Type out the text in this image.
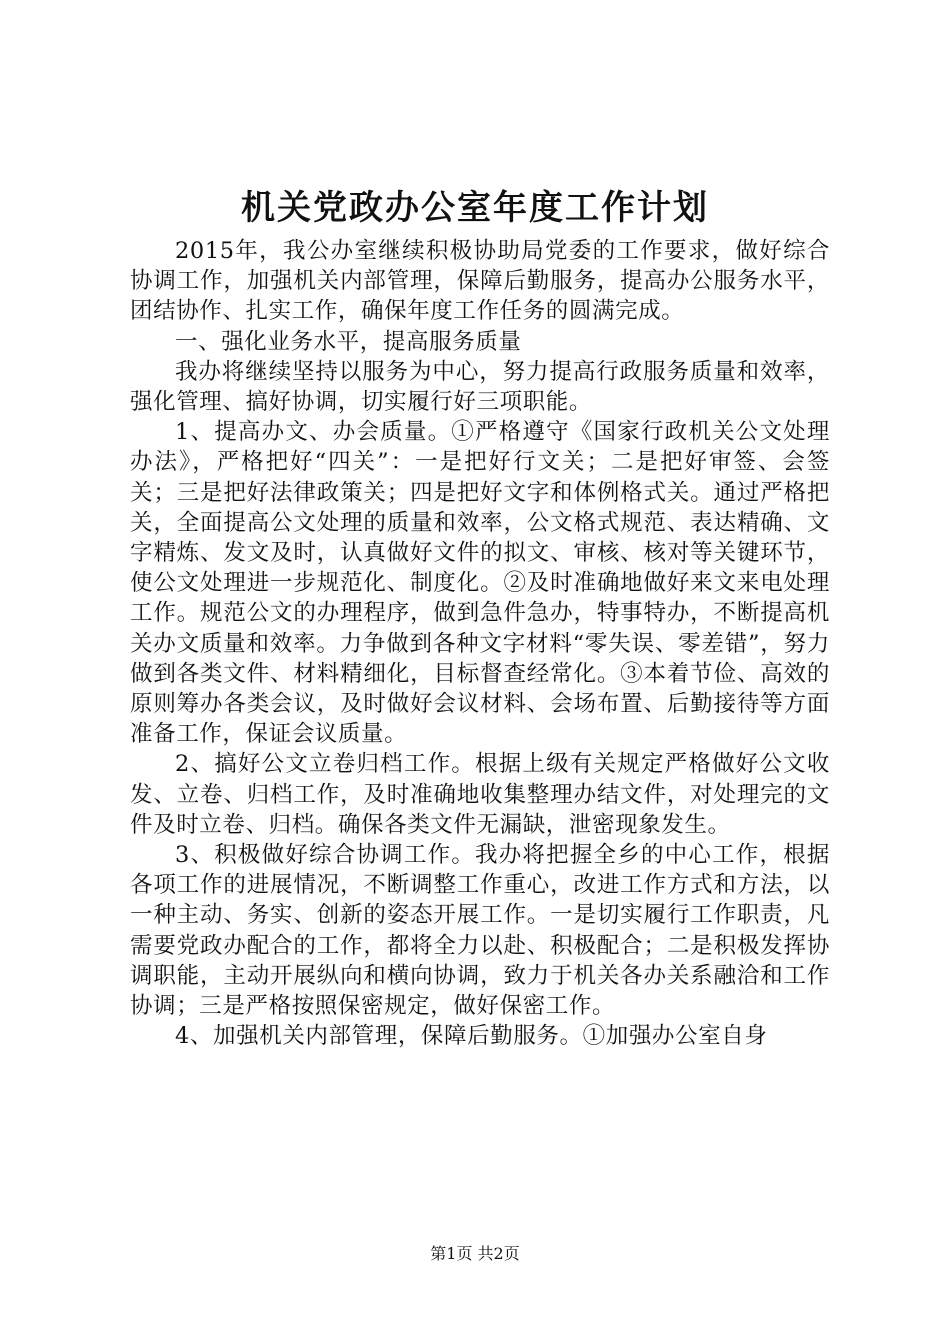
机关党政办公室年度工作计划

2015年，我公办室继续积极协助局党委的工作要求，做好综合协调工作，加强机关内部管理，保障后勤服务，提高办公服务水平，团结协作、扎实工作，确保年度工作任务的圆满完成。

一、强化业务水平，提高服务质量

我办将继续坚持以服务为中心，努力提高行政服务质量和效率，强化管理、搞好协调，切实履行好三项职能。

1、提高办文、办会质量。①严格遵守《国家行政机关公文处理办法》，严格把好“四关”：一是把好行文关；二是把好审签、会签关；三是把好法律政策关；四是把好文字和体例格式关。通过严格把关，全面提高公文处理的质量和效率，公文格式规范、表达精确、文字精炼、发文及时，认真做好文件的拟文、审核、核对等关键环节，使公文处理进一步规范化、制度化。②及时准确地做好来文来电处理工作。规范公文的办理程序，做到急件急办，特事特办，不断提高机关办文质量和效率。力争做到各种文字材料“零失误、零差错”，努力做到各类文件、材料精细化，目标督查经常化。③本着节俭、高效的原则筹办各类会议，及时做好会议材料、会场布置、后勤接待等方面准备工作，保证会议质量。

2、搞好公文立卷归档工作。根据上级有关规定严格做好公文收发、立卷、归档工作，及时准确地收集整理办结文件，对处理完的文件及时立卷、归档。确保各类文件无漏缺，泄密现象发生。

3、积极做好综合协调工作。我办将把握全乡的中心工作，根据各项工作的进展情况，不断调整工作重心，改进工作方式和方法，以一种主动、务实、创新的姿态开展工作。一是切实履行工作职责，凡需要党政办配合的工作，都将全力以赴、积极配合；二是积极发挥协调职能，主动开展纵向和横向协调，致力于机关各办关系融洽和工作协调；三是严格按照保密规定，做好保密工作。

4、加强机关内部管理，保障后勤服务。①加强办公室自身

第1页 共2页
